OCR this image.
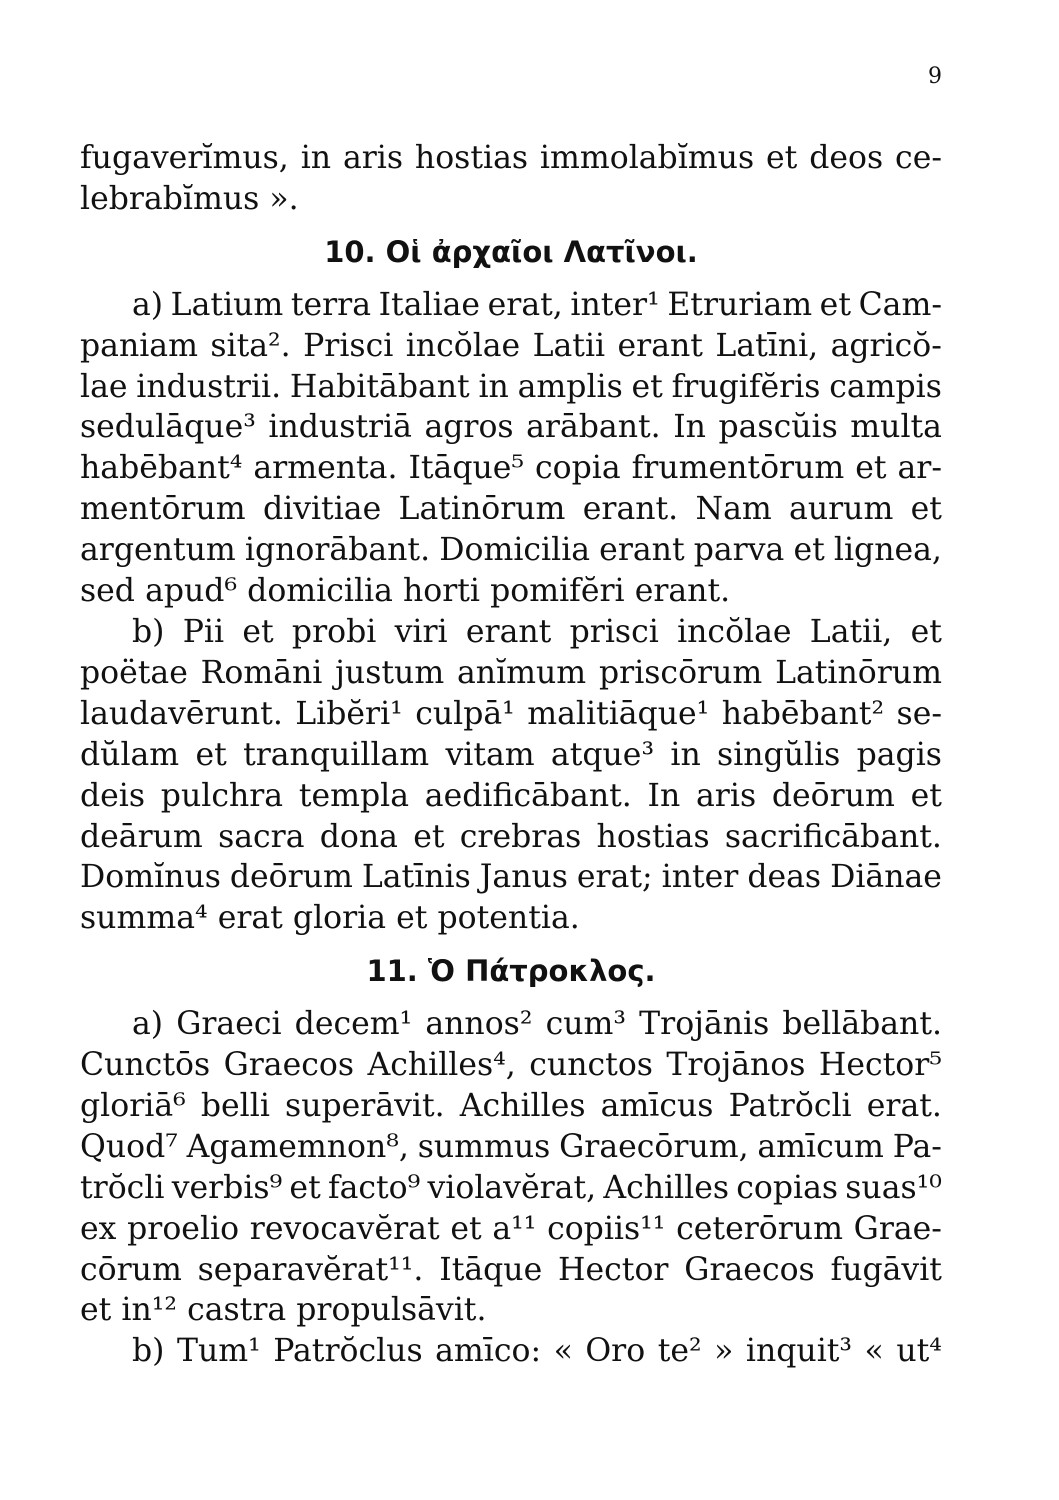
9
fugaverĭmus, in aris hostias immolabĭmus et deos ce-
lebrabĭmus ».
10. Οἱ ἀρχαῖοι Λατῖνοι.
a) Latium terra Italiae erat, inter¹ Etruriam et Cam-
paniam sita². Prisci incŏlae Latii erant Latīni, agricŏ-
lae industrii. Habitābant in amplis et frugifĕris campis
sedulāque³ industriā agros arābant. In pascŭis multa
habēbant⁴ armenta. Itāque⁵ copia frumentōrum et ar-
mentōrum divitiae Latinōrum erant. Nam aurum et
argentum ignorābant. Domicilia erant parva et lignea,
sed apud⁶ domicilia horti pomifĕri erant.
b) Pii et probi viri erant prisci incŏlae Latii, et
poëtae Romāni justum anĭmum priscōrum Latinōrum
laudavērunt. Libĕri¹ culpā¹ malitiāque¹ habēbant² se-
dŭlam et tranquillam vitam atque³ in singŭlis pagis
deis pulchra templa aedificābant. In aris deōrum et
deārum sacra dona et crebras hostias sacrificābant.
Domĭnus deōrum Latīnis Janus erat; inter deas Diānae
summa⁴ erat gloria et potentia.
11. Ὁ Πάτροκλος.
a) Graeci decem¹ annos² cum³ Trojānis bellābant.
Cunctōs Graecos Achilles⁴, cunctos Trojānos Hector⁵
gloriā⁶ belli superāvit. Achilles amīcus Patrŏcli erat.
Quod⁷ Agamemnon⁸, summus Graecōrum, amīcum Pa-
trŏcli verbis⁹ et facto⁹ violavĕrat, Achilles copias suas¹⁰
ex proelio revocavĕrat et a¹¹ copiis¹¹ ceterōrum Grae-
cōrum separavĕrat¹¹. Itāque Hector Graecos fugāvit
et in¹² castra propulsāvit.
b) Tum¹ Patrŏclus amīco: « Oro te² » inquit³ « ut⁴
